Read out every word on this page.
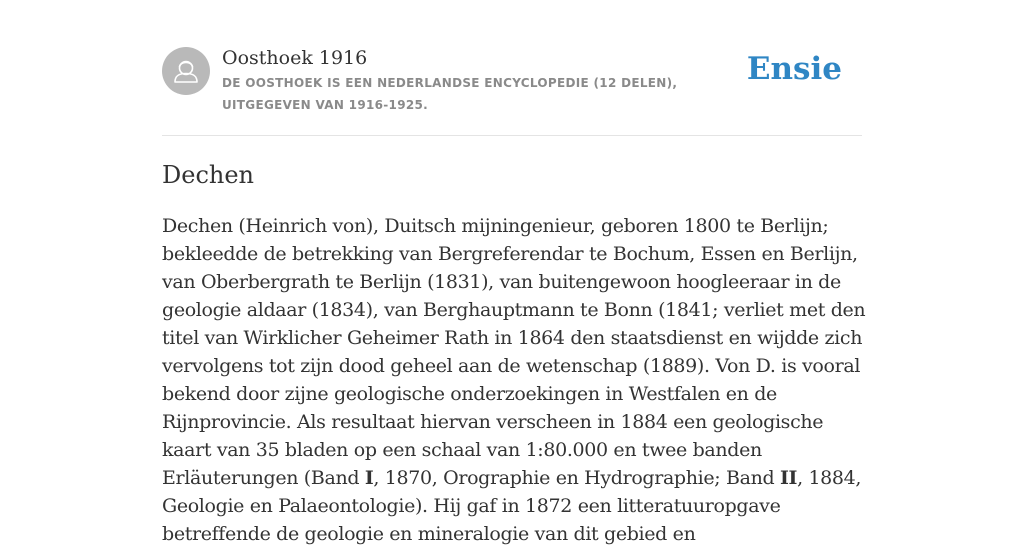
Oosthoek 1916
DE OOSTHOEK IS EEN NEDERLANDSE ENCYCLOPEDIE (12 DELEN), UITGEGEVEN VAN 1916-1925.
Ensie
Dechen
Dechen (Heinrich von), Duitsch mijningenieur, geboren 1800 te Berlijn; bekleedde de betrekking van Bergreferendar te Bochum, Essen en Berlijn, van Oberbergrath te Berlijn (1831), van buitengewoon hoogleeraar in de geologie aldaar (1834), van Berghauptmann te Bonn (1841; verliet met den titel van Wirklicher Geheimer Rath in 1864 den staatsdienst en wijdde zich vervolgens tot zijn dood geheel aan de wetenschap (1889). Von D. is vooral bekend door zijne geologische onderzoekingen in Westfalen en de Rijnprovincie. Als resultaat hiervan verscheen in 1884 een geologische kaart van 35 bladen op een schaal van 1:80.000 en twee banden Erläuterungen (Band I, 1870, Orographie en Hydrographie; Band II, 1884, Geologie en Palaeontologie). Hij gaf in 1872 een litteratuuropgave betreffende de geologie en mineralogie van dit gebied en
